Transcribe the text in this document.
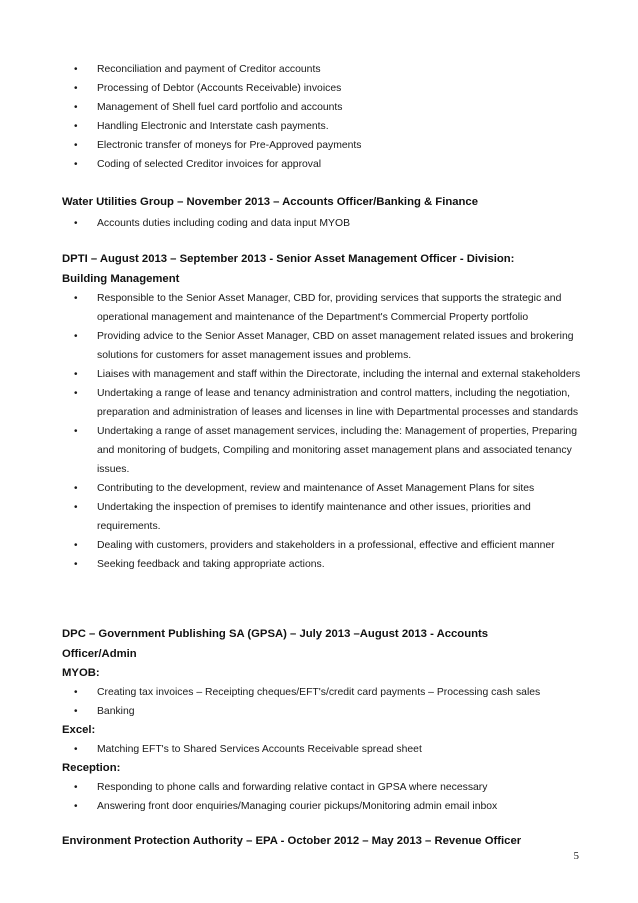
• Reconciliation and payment of Creditor accounts
• Processing of Debtor (Accounts Receivable) invoices
• Management of Shell fuel card portfolio and accounts
• Handling Electronic and Interstate cash payments.
• Electronic transfer of moneys for Pre-Approved payments
• Coding of selected Creditor invoices for approval
Water Utilities Group – November 2013 – Accounts Officer/Banking & Finance
• Accounts duties including coding and data input MYOB
DPTI – August 2013 – September 2013 - Senior Asset Management Officer - Division: Building Management
• Responsible to the Senior Asset Manager, CBD for, providing services that supports the strategic and operational management and maintenance of the Department's Commercial Property portfolio
• Providing advice to the Senior Asset Manager, CBD on asset management related issues and brokering solutions for customers for asset management issues and problems.
• Liaises with management and staff within the Directorate, including the internal and external stakeholders
• Undertaking a range of lease and tenancy administration and control matters, including the negotiation, preparation and administration of leases and licenses in line with Departmental processes and standards
• Undertaking a range of asset management services, including the: Management of properties, Preparing and monitoring of budgets, Compiling and monitoring asset management plans and associated tenancy issues.
• Contributing to the development, review and maintenance of Asset Management Plans for sites
• Undertaking the inspection of premises to identify maintenance and other issues, priorities and requirements.
• Dealing with customers, providers and stakeholders in a professional, effective and efficient manner
• Seeking feedback and taking appropriate actions.
DPC – Government Publishing SA (GPSA) – July 2013 –August 2013 - Accounts Officer/Admin
MYOB:
• Creating tax invoices – Receipting cheques/EFT's/credit card payments – Processing cash sales
• Banking
Excel:
• Matching EFT's to Shared Services Accounts Receivable spread sheet
Reception:
• Responding to phone calls and forwarding relative contact in GPSA where necessary
• Answering front door enquiries/Managing courier pickups/Monitoring admin email inbox
Environment Protection Authority – EPA - October 2012 – May 2013 – Revenue Officer
5
